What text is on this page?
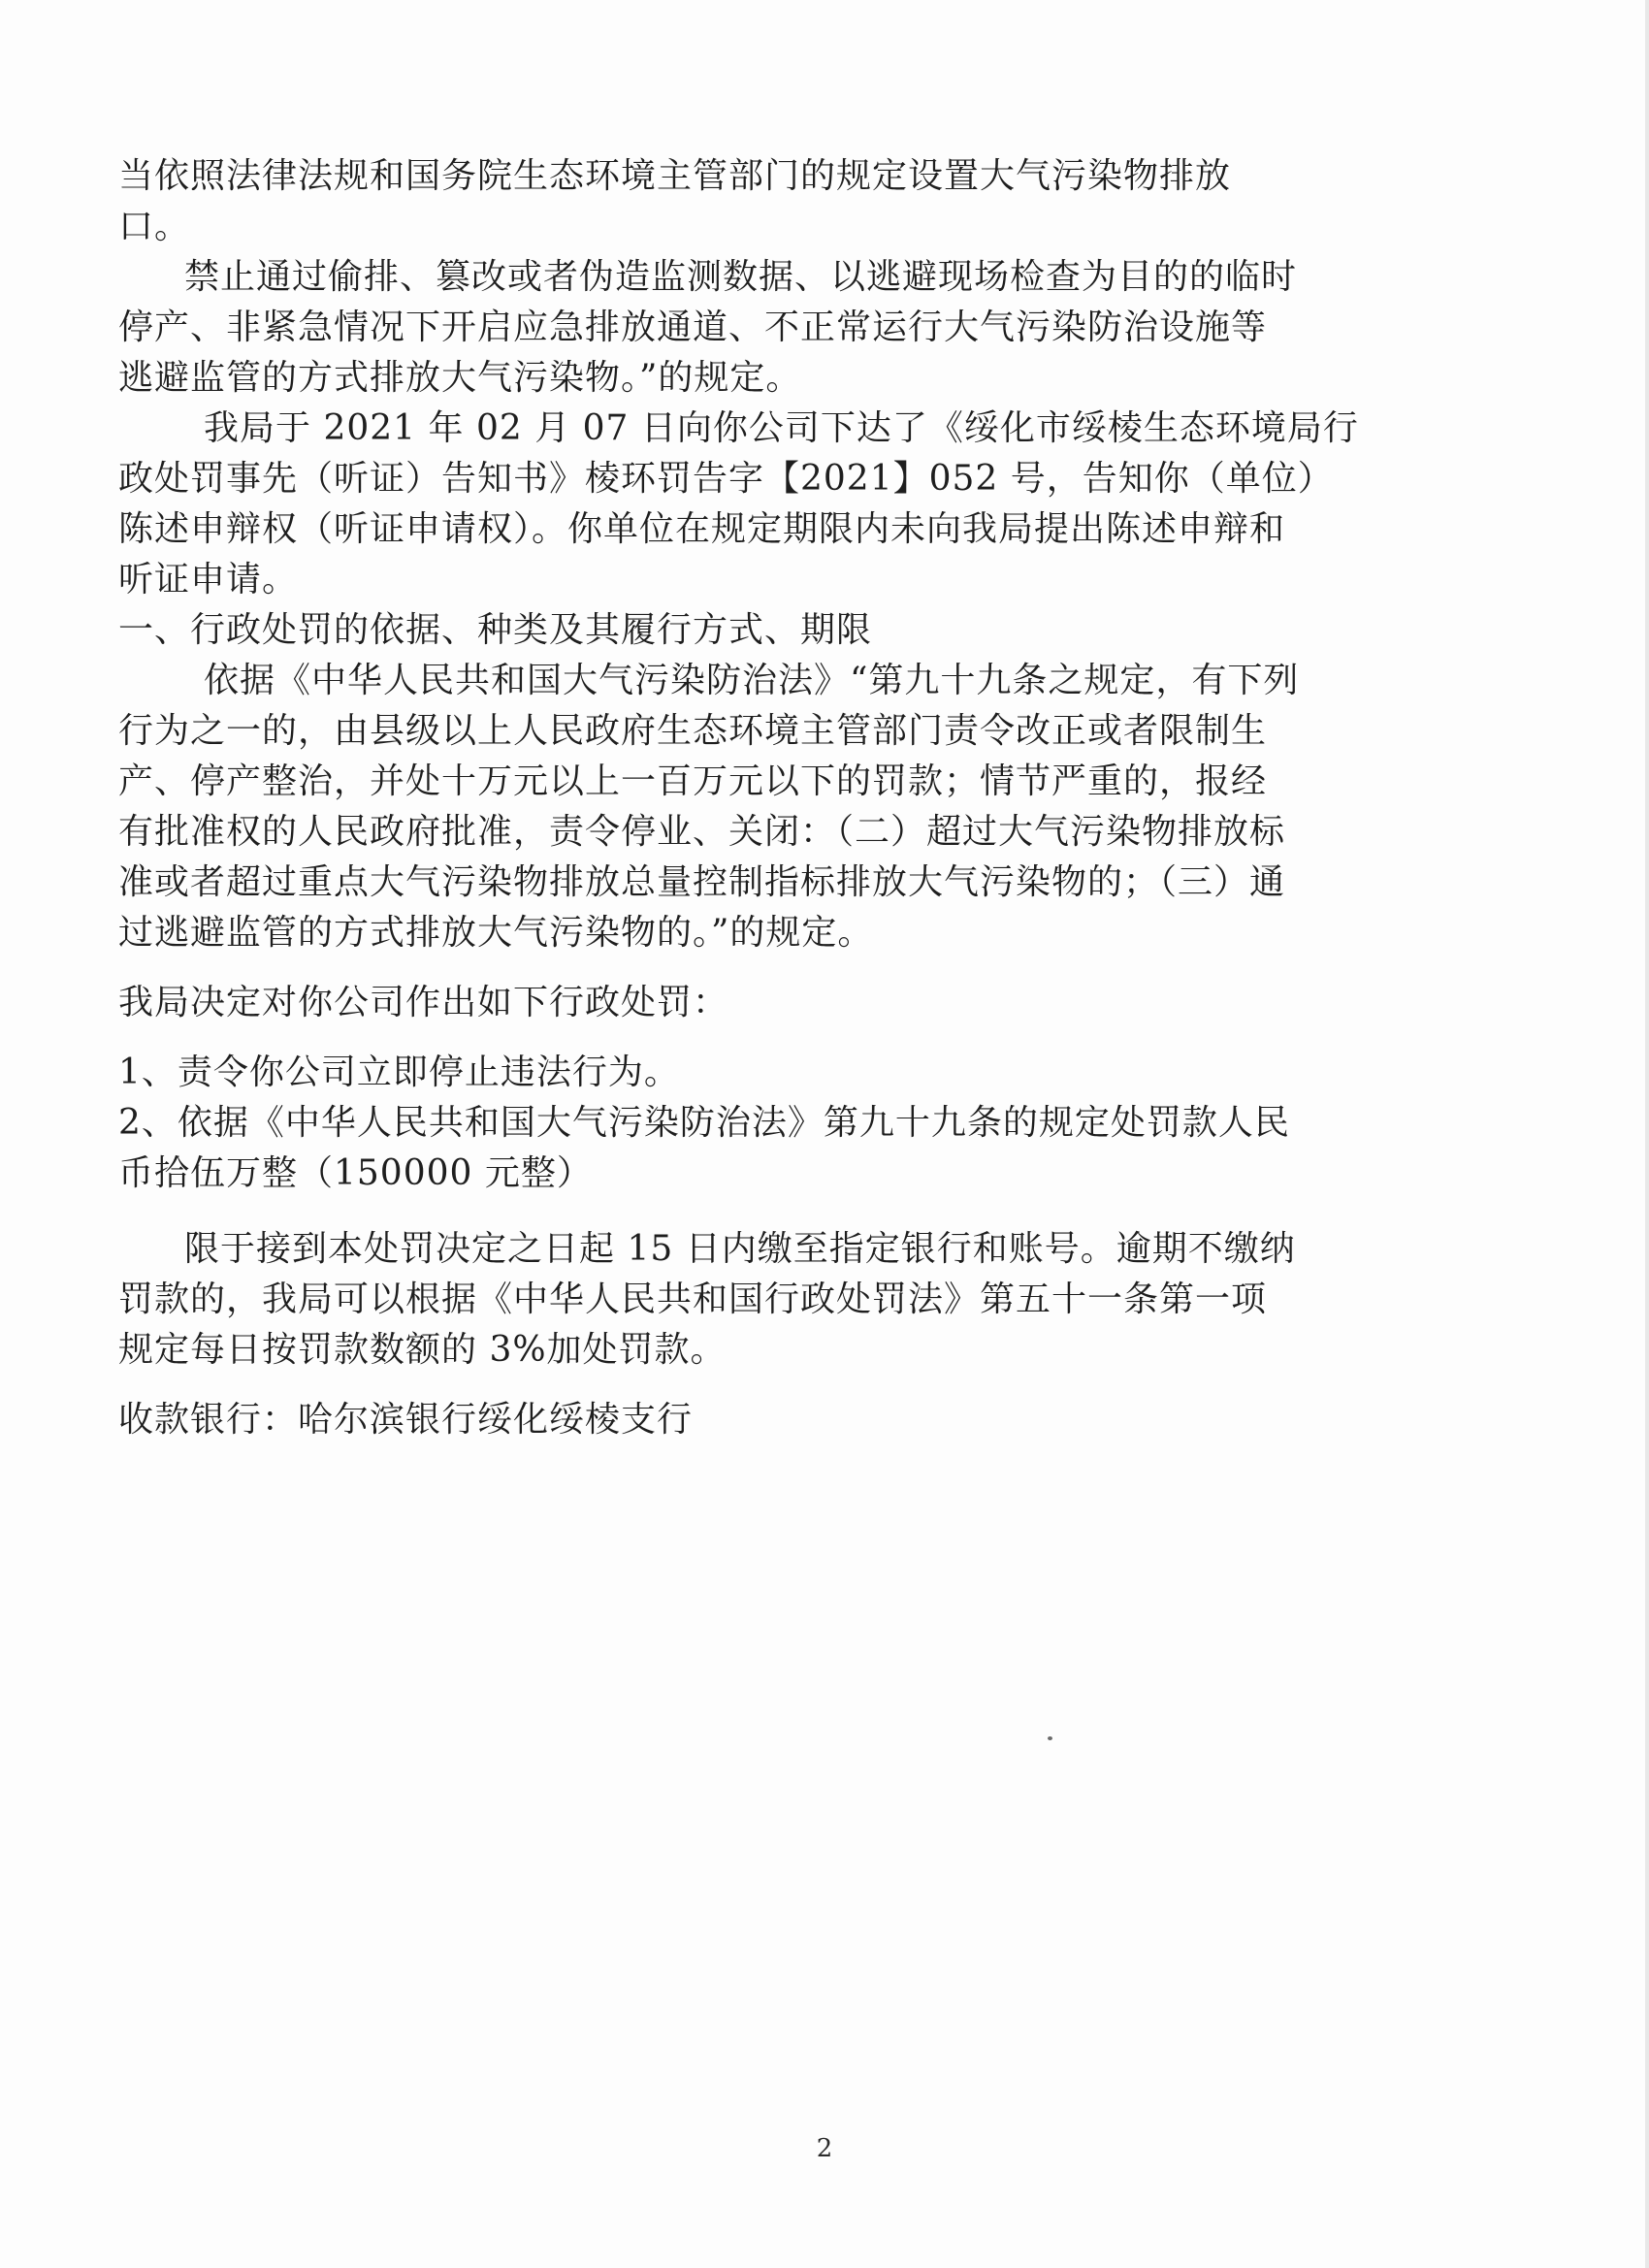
当依照法律法规和国务院生态环境主管部门的规定设置大气污染物排放
口。
禁止通过偷排、篡改或者伪造监测数据、以逃避现场检查为目的的临时
停产、非紧急情况下开启应急排放通道、不正常运行大气污染防治设施等
逃避监管的方式排放大气污染物。”的规定。
我局于 2021 年 02 月 07 日向你公司下达了《绥化市绥棱生态环境局行
政处罚事先（听证）告知书》棱环罚告字【2021】052 号，告知你（单位）
陈述申辩权（听证申请权）。你单位在规定期限内未向我局提出陈述申辩和
听证申请。
一、行政处罚的依据、种类及其履行方式、期限
依据《中华人民共和国大气污染防治法》“第九十九条之规定，有下列
行为之一的，由县级以上人民政府生态环境主管部门责令改正或者限制生
产、停产整治，并处十万元以上一百万元以下的罚款；情节严重的，报经
有批准权的人民政府批准，责令停业、关闭：（二）超过大气污染物排放标
准或者超过重点大气污染物排放总量控制指标排放大气污染物的；（三）通
过逃避监管的方式排放大气污染物的。”的规定。
我局决定对你公司作出如下行政处罚：
1、责令你公司立即停止违法行为。
2、依据《中华人民共和国大气污染防治法》第九十九条的规定处罚款人民
币拾伍万整（150000 元整）
限于接到本处罚决定之日起 15 日内缴至指定银行和账号。逾期不缴纳
罚款的，我局可以根据《中华人民共和国行政处罚法》第五十一条第一项
规定每日按罚款数额的 3%加处罚款。
收款银行：哈尔滨银行绥化绥棱支行
2
